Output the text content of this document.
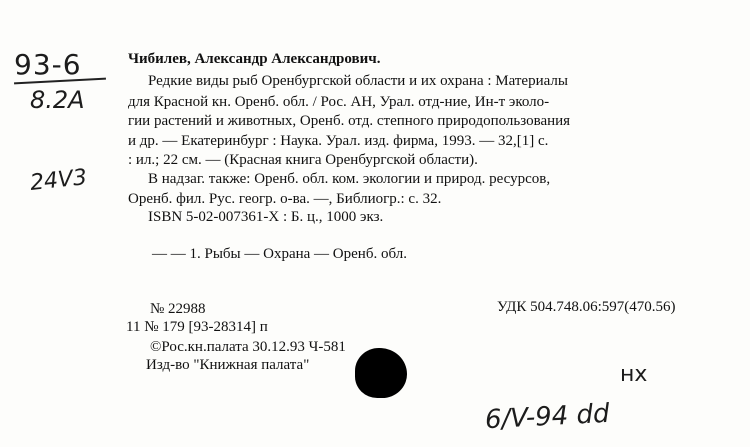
93-6
8.2A
24V3
нх
6/V-94 dd
Чибилев, Александр Александрович.
Редкие виды рыб Оренбургской области и их охрана : Материалы
для Красной кн. Оренб. обл. / Рос. АН, Урал. отд-ние, Ин-т эколо-
гии растений и животных, Оренб. отд. степного природопользования
и др. — Екатеринбург : Наука. Урал. изд. фирма, 1993. — 32,[1] с.
: ил.; 22 см. — (Красная книга Оренбургской области).
В надзаг. также: Оренб. обл. ком. экологии и природ. ресурсов,
Оренб. фил. Рус. геогр. о-ва. —, Библиогр.: с. 32.
ISBN 5-02-007361-X : Б. ц., 1000 экз.
— — 1. Рыбы — Охрана — Оренб. обл.
№ 22988	УДК 504.748.06:597(470.56)
11 № 179 [93-28314] п
©Рос.кн.палата 30.12.93 Ч-581
Изд-во "Книжная палата"
